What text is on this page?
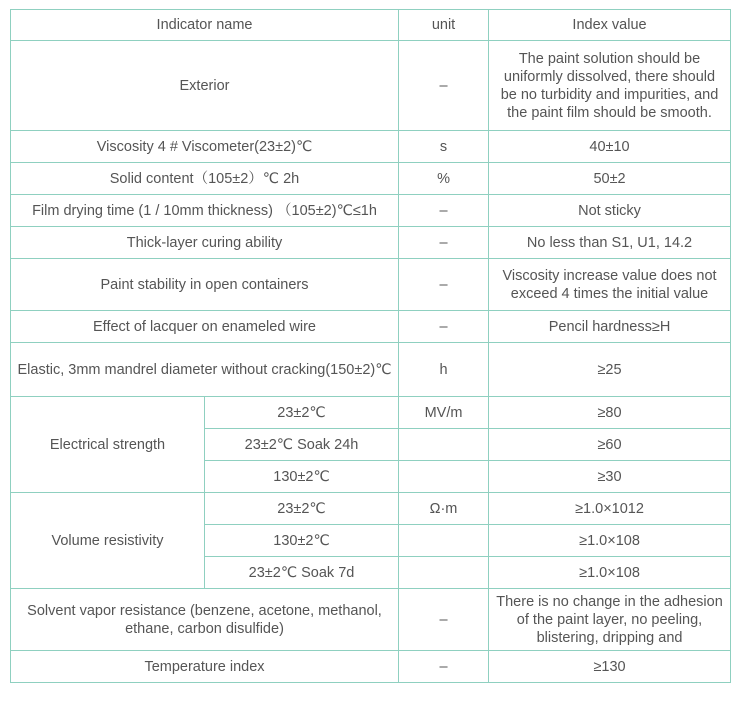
Indicator name		unit	Index value
Exterior		–	The paint solution should be uniformly dissolved, there should be no turbidity and impurities, and the paint film should be smooth.
Viscosity 4 # Viscometer(23±2)℃		s	40±10
Solid content（105±2）℃ 2h		%	50±2
Film drying time (1 / 10mm thickness) （105±2)℃≤1h		–	Not sticky
Thick-layer curing ability		–	No less than S1, U1, 14.2
Paint stability in open containers		–	Viscosity increase value does not exceed 4 times the initial value
Effect of lacquer on enameled wire		–	Pencil hardness≥H
Elastic, 3mm mandrel diameter without cracking(150±2)℃		h	≥25
Electrical strength	23±2℃	MV/m	≥80
	23±2℃ Soak 24h		≥60
	130±2℃		≥30
Volume resistivity	23±2℃	Ω·m	≥1.0×1012
	130±2℃		≥1.0×108
	23±2℃ Soak 7d		≥1.0×108
Solvent vapor resistance (benzene, acetone, methanol, ethane, carbon disulfide)		–	There is no change in the adhesion of the paint layer, no peeling, blistering, dripping and
Temperature index		–	≥130
